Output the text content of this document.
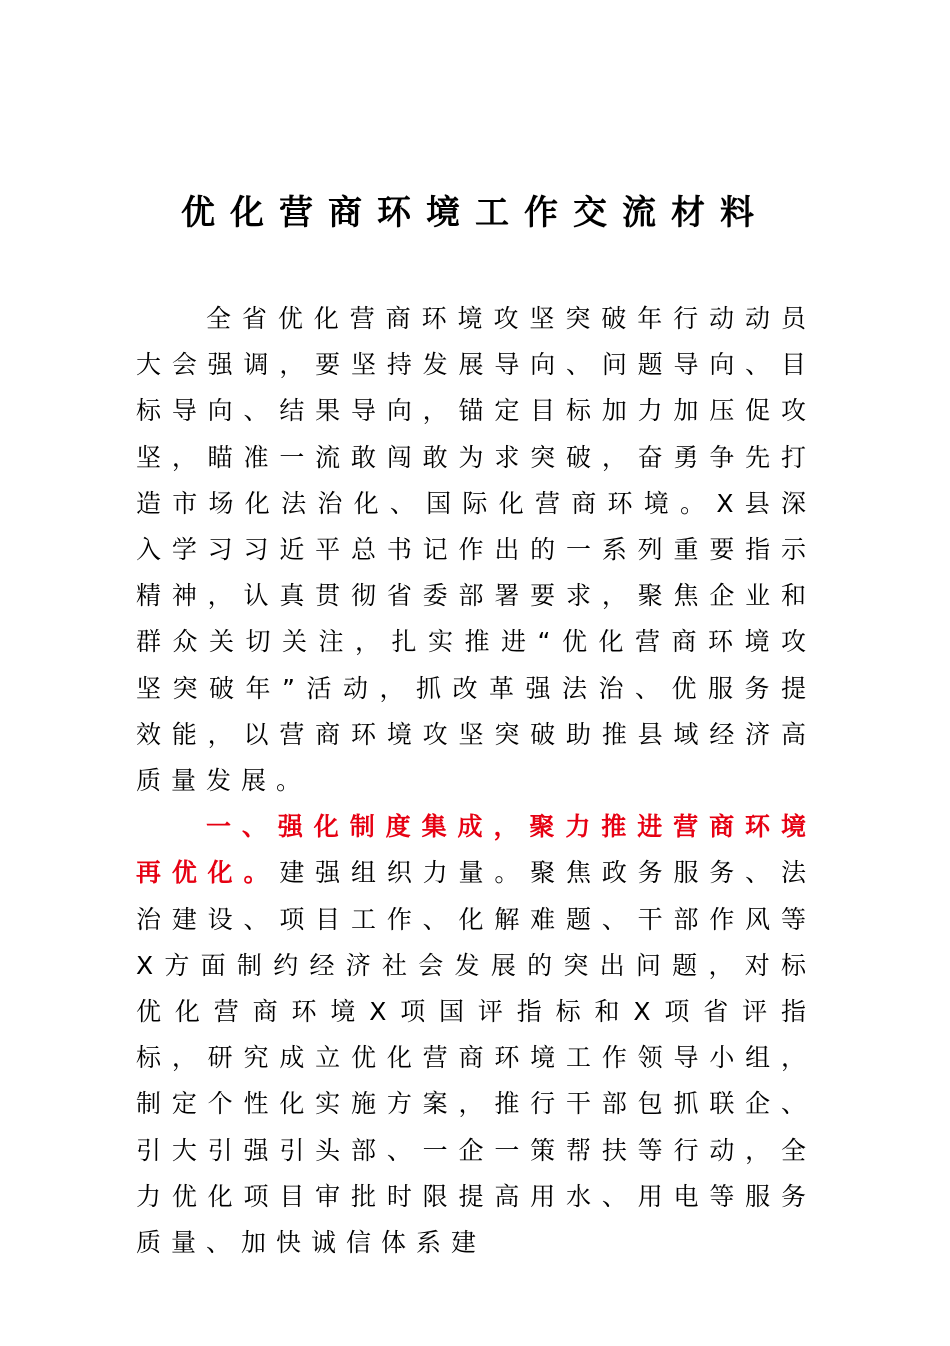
优化营商环境工作交流材料

全省优化营商环境攻坚突破年行动动员大会强调，要坚持发展导向、问题导向、目标导向、结果导向，锚定目标加力加压促攻坚，瞄准一流敢闯敢为求突破，奋勇争先打造市场化法治化、国际化营商环境。X县深入学习习近平总书记作出的一系列重要指示精神，认真贯彻省委部署要求，聚焦企业和群众关切关注，扎实推进“优化营商环境攻坚突破年”活动，抓改革强法治、优服务提效能，以营商环境攻坚突破助推县域经济高质量发展。

一、强化制度集成，聚力推进营商环境再优化。建强组织力量。聚焦政务服务、法治建设、项目工作、化解难题、干部作风等X方面制约经济社会发展的突出问题，对标优化营商环境X项国评指标和X项省评指标，研究成立优化营商环境工作领导小组，制定个性化实施方案，推行干部包抓联企、引大引强引头部、一企一策帮扶等行动，全力优化项目审批时限提高用水、用电等服务质量、加快诚信体系建
